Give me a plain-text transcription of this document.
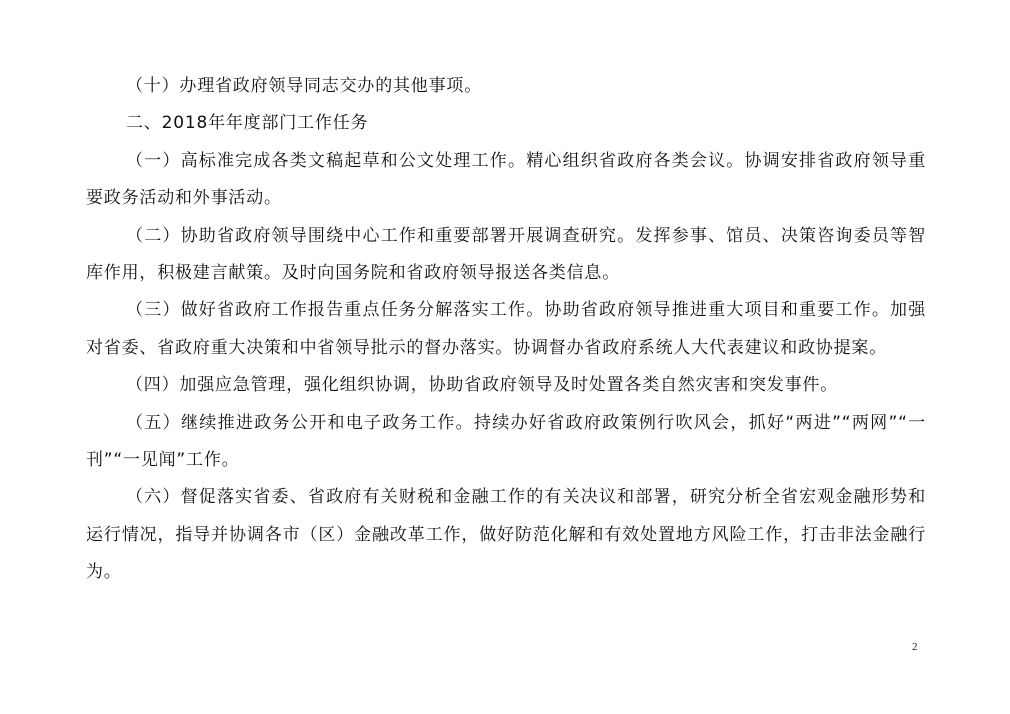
（十）办理省政府领导同志交办的其他事项。

二、2018年年度部门工作任务

（一）高标准完成各类文稿起草和公文处理工作。精心组织省政府各类会议。协调安排省政府领导重要政务活动和外事活动。

（二）协助省政府领导围绕中心工作和重要部署开展调查研究。发挥参事、馆员、决策咨询委员等智库作用，积极建言献策。及时向国务院和省政府领导报送各类信息。

（三）做好省政府工作报告重点任务分解落实工作。协助省政府领导推进重大项目和重要工作。加强对省委、省政府重大决策和中省领导批示的督办落实。协调督办省政府系统人大代表建议和政协提案。

（四）加强应急管理，强化组织协调，协助省政府领导及时处置各类自然灾害和突发事件。

（五）继续推进政务公开和电子政务工作。持续办好省政府政策例行吹风会，抓好“两进”“两网”“一刊”“一见闻”工作。

（六）督促落实省委、省政府有关财税和金融工作的有关决议和部署，研究分析全省宏观金融形势和运行情况，指导并协调各市（区）金融改革工作，做好防范化解和有效处置地方风险工作，打击非法金融行为。

2
